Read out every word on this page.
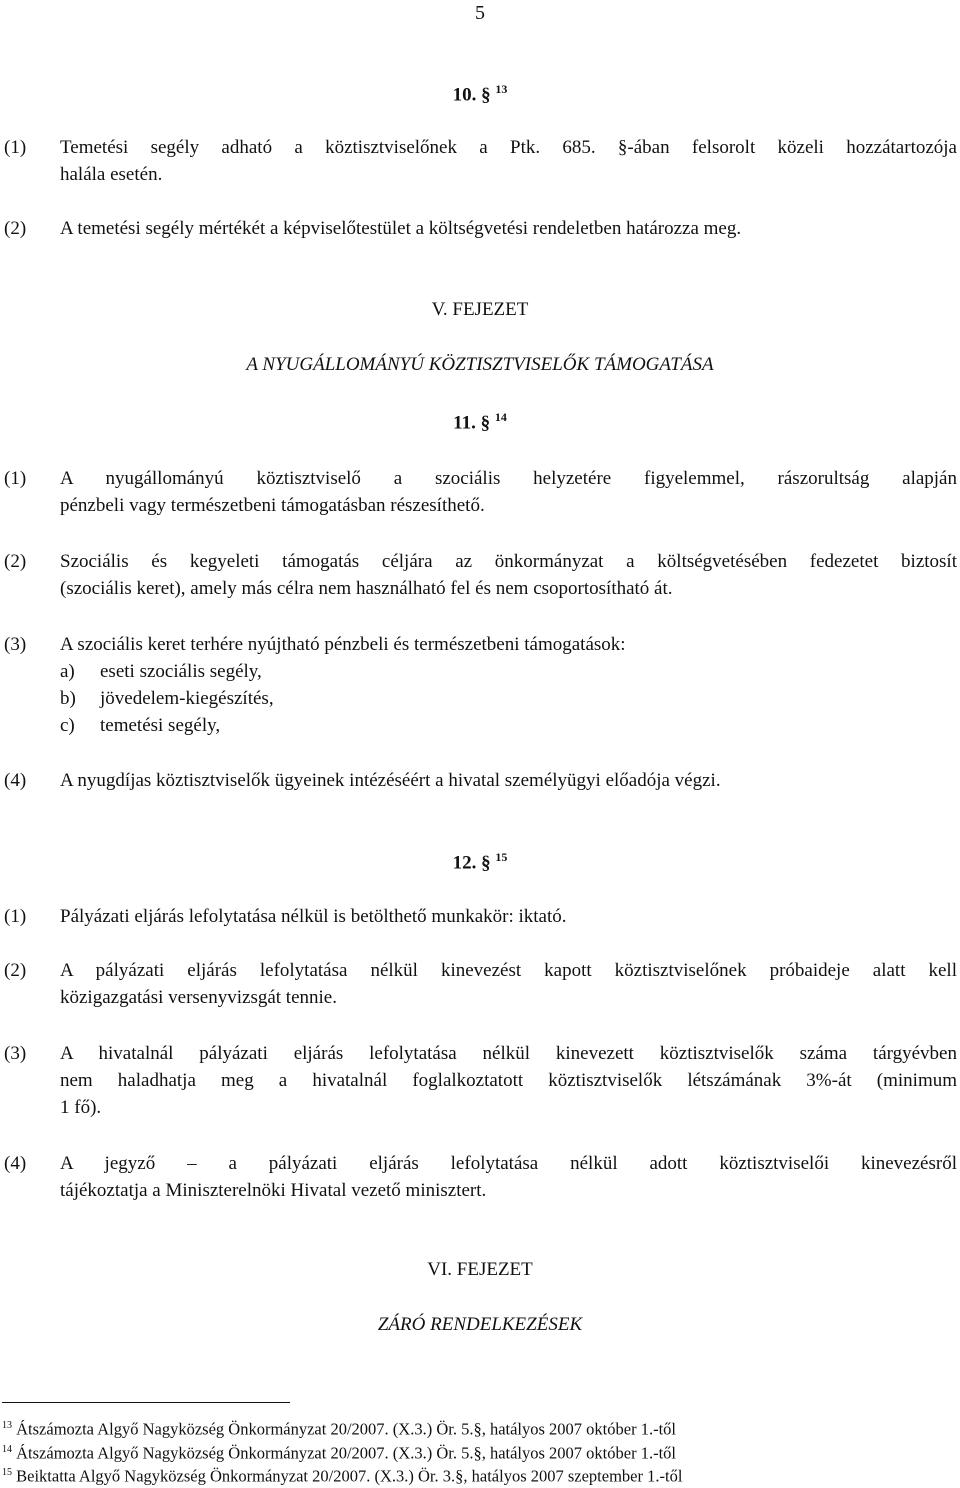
5
10. § $^{13}$
(1) Temetési segély adható a köztisztviselőnek a Ptk. 685. §-ában felsorolt közeli hozzátartozója
halála esetén.
(2) A temetési segély mértékét a képviselőtestület a költségvetési rendeletben határozza meg.
V. FEJEZET
A NYUGÁLLOMÁNYÚ KÖZTISZTVISELŐK TÁMOGATÁSA
11. § $^{14}$
(1) A nyugállományú köztisztviselő a szociális helyzetére figyelemmel, rászorultság alapján
pénzbeli vagy természetbeni támogatásban részesíthető.
(2) Szociális és kegyeleti támogatás céljára az önkormányzat a költségvetésében fedezetet biztosít
(szociális keret), amely más célra nem használható fel és nem csoportosítható át.
(3) A szociális keret terhére nyújtható pénzbeli és természetbeni támogatások:
a) eseti szociális segély,
b) jövedelem-kiegészítés,
c) temetési segély,
(4) A nyugdíjas köztisztviselők ügyeinek intézéséért a hivatal személyügyi előadója végzi.
12. § $^{15}$
(1) Pályázati eljárás lefolytatása nélkül is betölthető munkakör: iktató.
(2) A pályázati eljárás lefolytatása nélkül kinevezést kapott köztisztviselőnek próbaideje alatt kell
közigazgatási versenyvizsgát tennie.
(3) A hivatalnál pályázati eljárás lefolytatása nélkül kinevezett köztisztviselők száma tárgyévben
nem haladhatja meg a hivatalnál foglalkoztatott köztisztviselők létszámának 3%-át (minimum
1 fő).
(4) A jegyző – a pályázati eljárás lefolytatása nélkül adott köztisztviselői kinevezésről
tájékoztatja a Miniszterelnöki Hivatal vezető minisztert.
VI. FEJEZET
ZÁRÓ RENDELKEZÉSEK
$^{13}$ Átszámozta Algyő Nagyközség Önkormányzat 20/2007. (X.3.) Ör. 5.§, hatályos 2007 október 1.-től
$^{14}$ Átszámozta Algyő Nagyközség Önkormányzat 20/2007. (X.3.) Ör. 5.§, hatályos 2007 október 1.-től
$^{15}$ Beiktatta Algyő Nagyközség Önkormányzat 20/2007. (X.3.) Ör. 3.§, hatályos 2007 szeptember 1.-től
